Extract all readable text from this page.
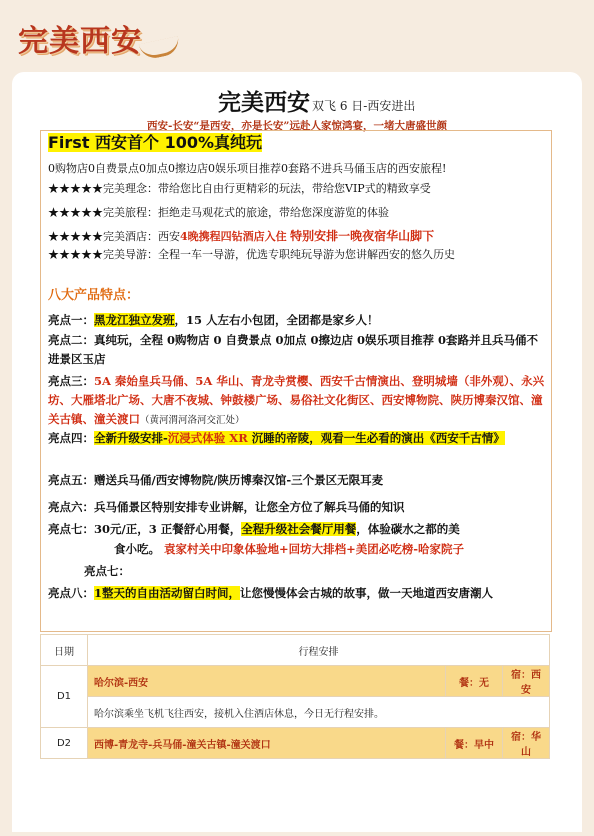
完美西安
完美西安 双飞 6 日-西安进出
西安-长安“是西安，亦是长安”远赴人家惊鸿宴，一堵大唐盛世颜
First 西安首个 100%真纯玩
0购物店0自费景点0加点0擦边店0娱乐项目推荐0套路不进兵马俑玉店的西安旅程!
★★★★★完美理念：带给您比自由行更精彩的玩法，带给您VIP式的精致享受
★★★★★完美旅程：拒绝走马观花式的旅途，带给您深度游览的体验
★★★★★完美酒店：西安4晚携程四钻酒店入住 特别安排一晚夜宿华山脚下
★★★★★完美导游：全程一车一导游，优选专职纯玩导游为您讲解西安的悠久历史
八大产品特点：
亮点一：黑龙江独立发班，15 人左右小包团，全团都是家乡人！
亮点二：真纯玩，全程 0购物店 0 自费景点 0加点 0擦边店 0娱乐项目推荐 0套路并且兵马俑不进景区玉店
亮点三：5A 秦始皇兵马俑、5A 华山、青龙寺赏樱、西安千古情演出、登明城墙（非外观）、永兴坊、大雁塔北广场、大唐不夜城、钟鼓楼广场、易俗社文化街区、西安博物院、陕历博秦汉馆、潼关古镇、潼关渡口（黄河渭河洛河交汇处）
亮点四：全新升级安排-沉浸式体验 XR 沉睡的帝陵，观看一生必看的演出《西安千古情》
亮点五：赠送兵马俑/西安博物院/陕历博秦汉馆-三个景区无限耳麦
亮点六：兵马俑景区特别安排专业讲解，让您全方位了解兵马俑的知识
亮点七：30元/正，3 正餐舒心用餐，全程升级社会餐厅用餐，体验碳水之都的美
食小吃。 袁家村关中印象体验地+回坊大排档+美团必吃榜-哈家院子
亮点七：
亮点八：1整天的自由活动留白时间，让您慢慢体会古城的故事，做一天地道西安唐潮人
日期	行程安排		
D1	哈尔滨-西安	餐：无	宿：西安
	哈尔滨乘坐飞机飞往西安，接机入住酒店休息，今日无行程安排。		
D2	西博-青龙寺-兵马俑-潼关古镇-潼关渡口	餐：早中	宿：华山
